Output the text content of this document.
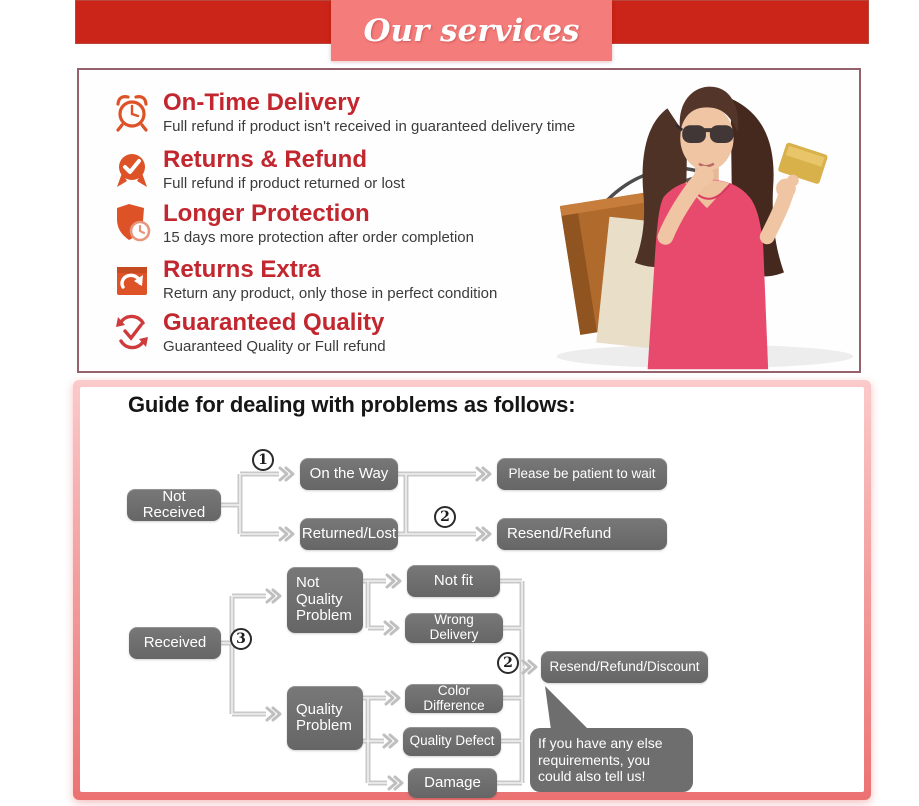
Our services
On-Time Delivery
Full refund if product isn't received in guaranteed delivery time
Returns & Refund
Full refund if product returned or lost
Longer Protection
15 days more protection after order completion
Returns Extra
Return any product, only those in perfect condition
Guaranteed Quality
Guaranteed Quality or Full refund
Guide for dealing with problems as follows:
Not Received
On the Way	Please be patient to wait
Returned/Lost	Resend/Refund
Received
Not Quality Problem
Not fit
Wrong Delivery
Resend/Refund/Discount
Quality Problem
Color Difference
Quality Defect
Damage
If you have any else requirements, you could also tell us!
1
2
3
2
